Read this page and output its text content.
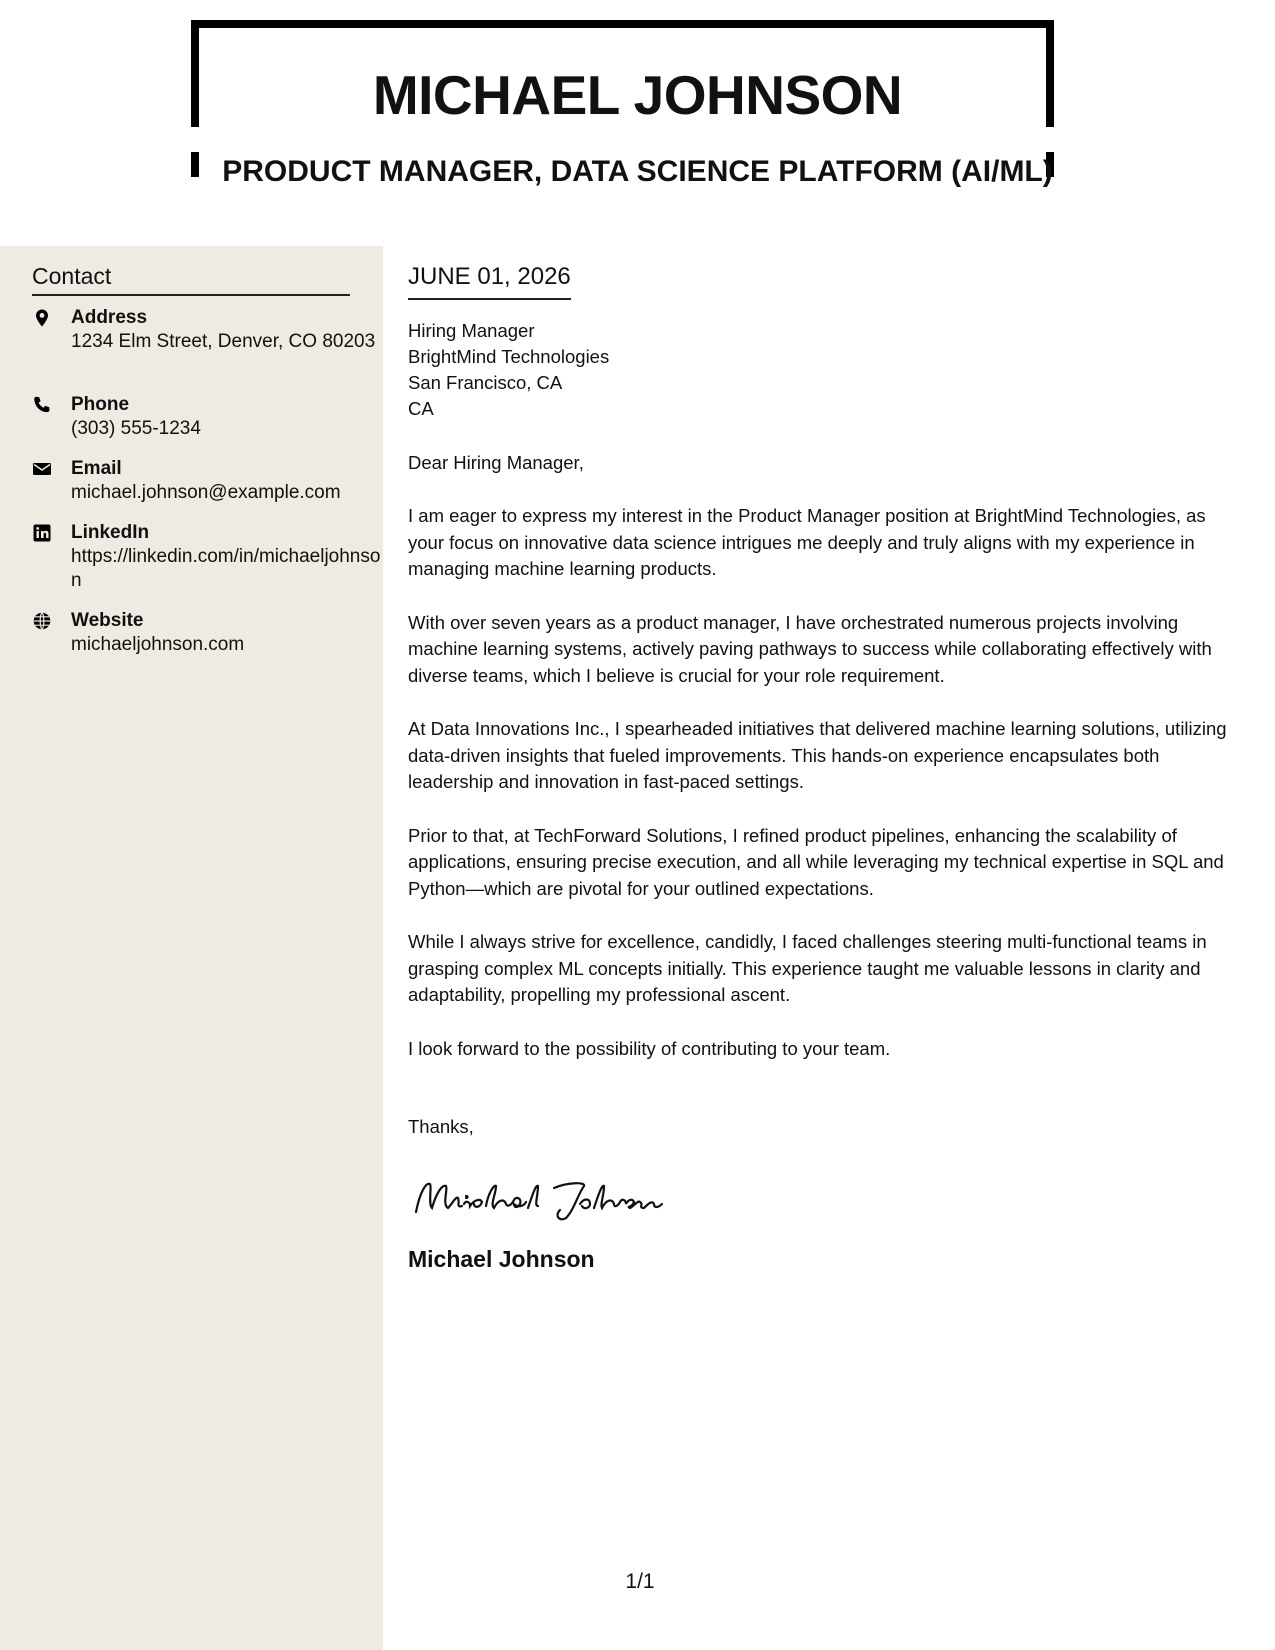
MICHAEL JOHNSON
PRODUCT MANAGER, DATA SCIENCE PLATFORM (AI/ML)
Contact
Address
1234 Elm Street, Denver, CO 80203
Phone
(303) 555-1234
Email
michael.johnson@example.com
LinkedIn
https://linkedin.com/in/michaeljohnson
Website
michaeljohnson.com
JUNE 01, 2026
Hiring Manager
BrightMind Technologies
San Francisco, CA
CA
Dear Hiring Manager,
I am eager to express my interest in the Product Manager position at BrightMind Technologies, as your focus on innovative data science intrigues me deeply and truly aligns with my experience in managing machine learning products.
With over seven years as a product manager, I have orchestrated numerous projects involving machine learning systems, actively paving pathways to success while collaborating effectively with diverse teams, which I believe is crucial for your role requirement.
At Data Innovations Inc., I spearheaded initiatives that delivered machine learning solutions, utilizing data-driven insights that fueled improvements. This hands-on experience encapsulates both leadership and innovation in fast-paced settings.
Prior to that, at TechForward Solutions, I refined product pipelines, enhancing the scalability of applications, ensuring precise execution, and all while leveraging my technical expertise in SQL and Python—which are pivotal for your outlined expectations.
While I always strive for excellence, candidly, I faced challenges steering multi-functional teams in grasping complex ML concepts initially. This experience taught me valuable lessons in clarity and adaptability, propelling my professional ascent.
I look forward to the possibility of contributing to your team.
Thanks,
Michael Johnson
1/1
